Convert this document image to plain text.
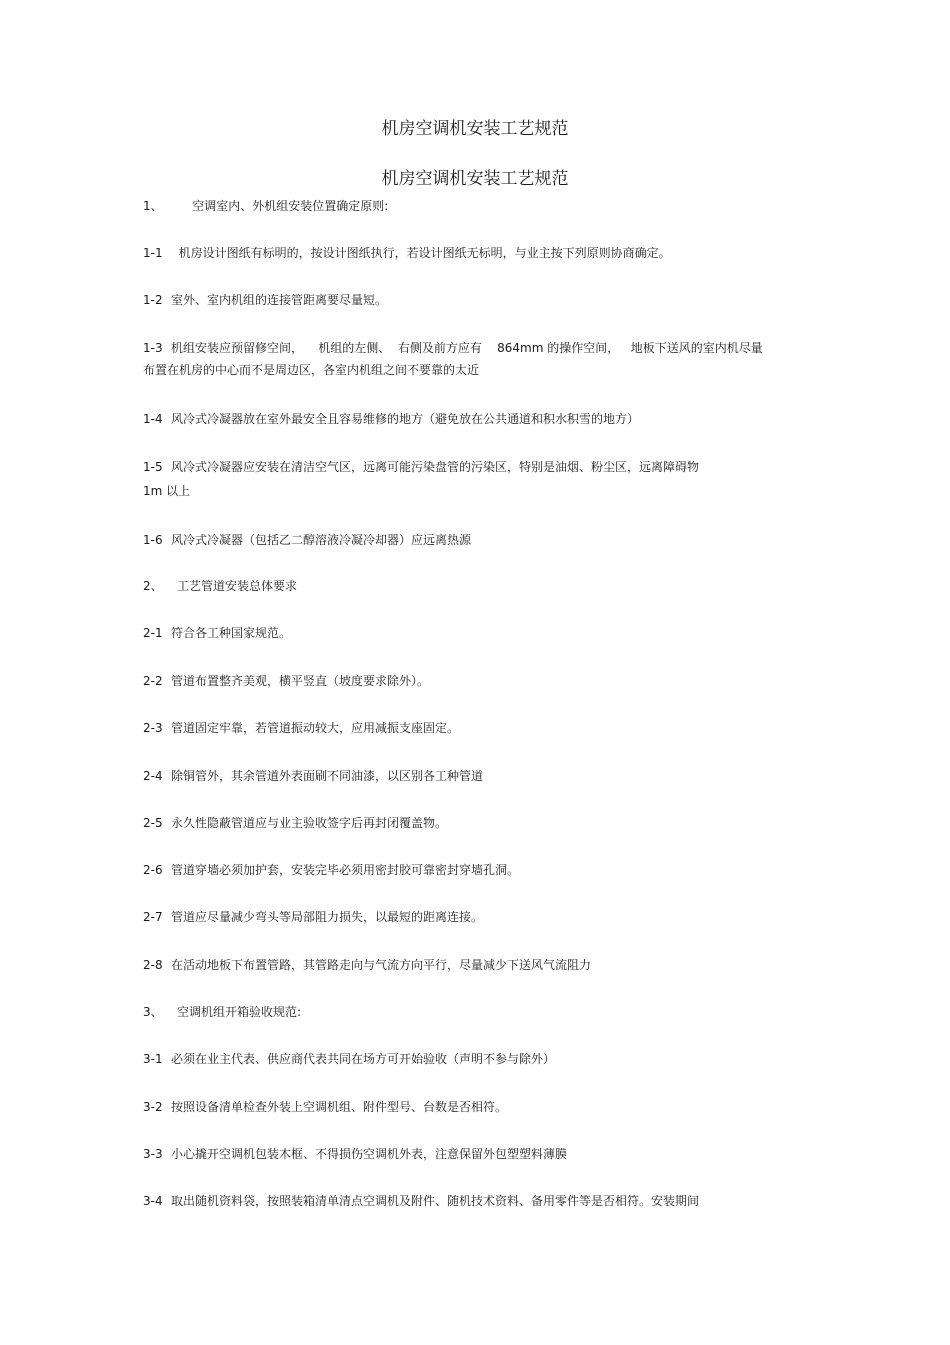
机房空调机安装工艺规范
机房空调机安装工艺规范
1、 空调室内、外机组安装位置确定原则:
1-1 机房设计图纸有标明的，按设计图纸执行，若设计图纸无标明，与业主按下列原则协商确定。
1-2 室外、室内机组的连接管距离要尽量短。
1-3 机组安装应预留修空间，    机组的左侧、  右侧及前方应有    864mm 的操作空间，   地板下送风的室内机尽量
布置在机房的中心而不是周边区，各室内机组之间不要靠的太近
1-4 风冷式冷凝器放在室外最安全且容易维修的地方（避免放在公共通道和积水积雪的地方）
1-5 风冷式冷凝器应安装在清洁空气区，远离可能污染盘管的污染区，特别是油烟、粉尘区，远离障碍物
1m 以上
1-6 风冷式冷凝器（包括乙二醇溶液冷凝冷却器）应远离热源
2、 工艺管道安装总体要求
2-1 符合各工种国家规范。
2-2 管道布置整齐美观，横平竖直（坡度要求除外）。
2-3 管道固定牢靠，若管道振动较大，应用减振支座固定。
2-4 除铜管外，其余管道外表面刷不同油漆，以区别各工种管道
2-5 永久性隐蔽管道应与业主验收签字后再封闭覆盖物。
2-6 管道穿墙必须加护套，安装完毕必须用密封胶可靠密封穿墙孔洞。
2-7 管道应尽量减少弯头等局部阻力损失，以最短的距离连接。
2-8 在活动地板下布置管路，其管路走向与气流方向平行，尽量减少下送风气流阻力
3、 空调机组开箱验收规范:
3-1 必须在业主代表、供应商代表共同在场方可开始验收（声明不参与除外）
3-2 按照设备清单检查外装上空调机组、附件型号、台数是否相符。
3-3 小心撬开空调机包装木框、不得损伤空调机外表，注意保留外包塑塑料薄膜
3-4 取出随机资料袋，按照装箱清单清点空调机及附件、随机技术资料、备用零件等是否相符。安装期间
